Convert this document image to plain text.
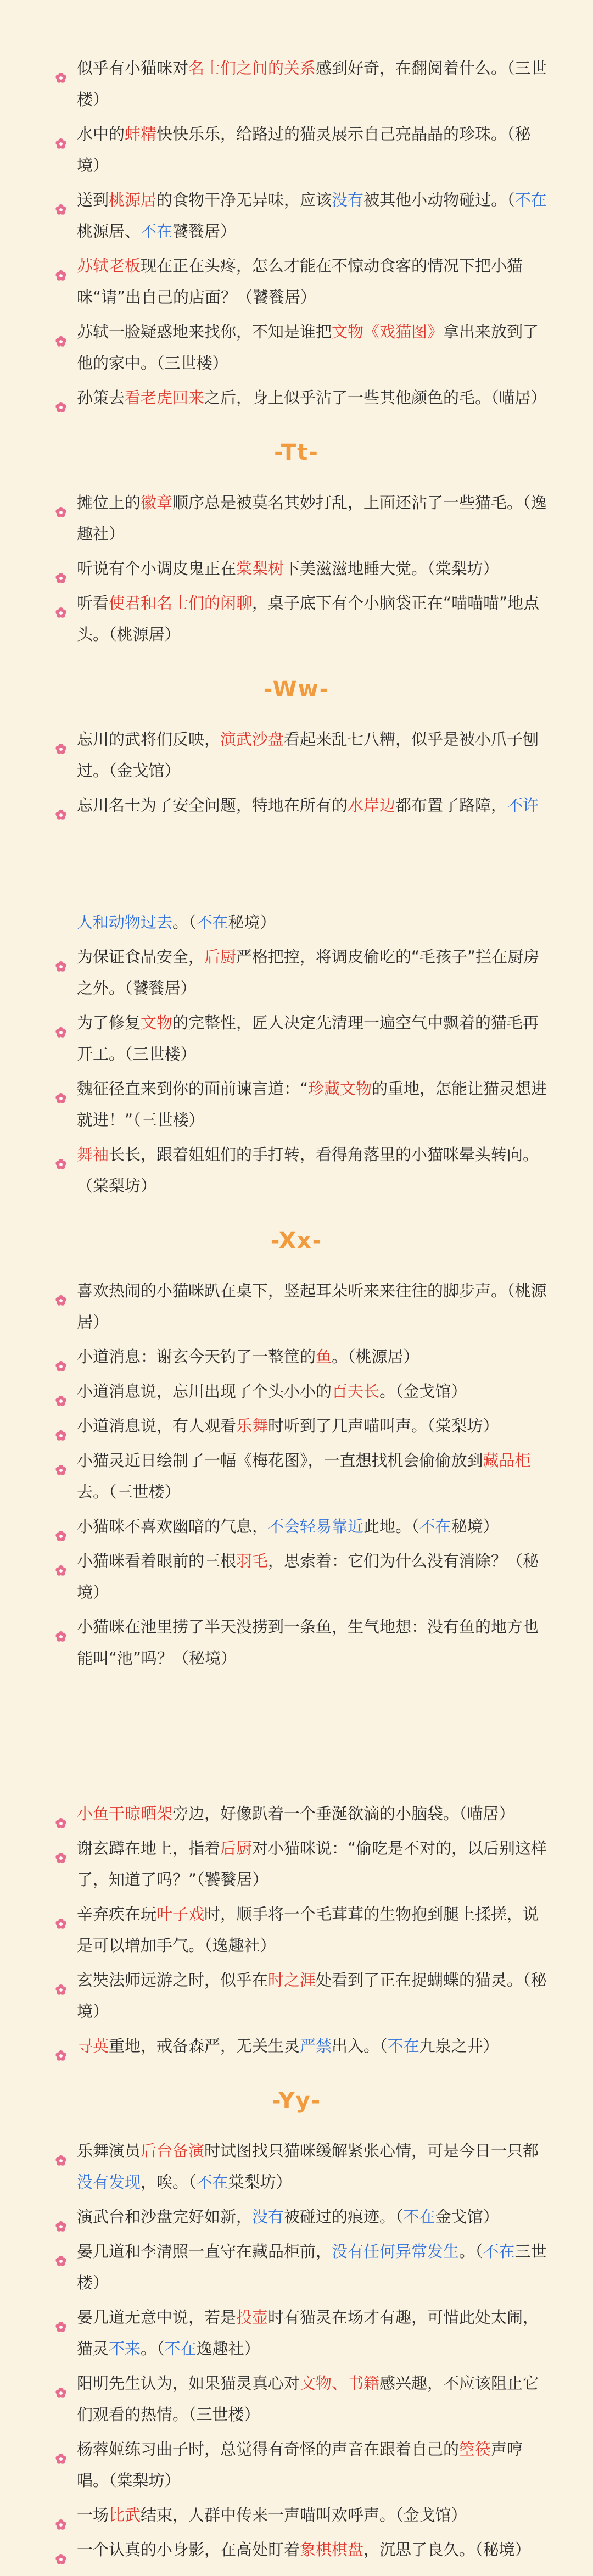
似乎有小猫咪对名士们之间的关系感到好奇，在翻阅着什么。（三世楼）
水中的蚌精快快乐乐，给路过的猫灵展示自己亮晶晶的珍珠。（秘境）
送到桃源居的食物干净无异味，应该没有被其他小动物碰过。（不在桃源居、不在饕餮居）
苏轼老板现在正在头疼，怎么才能在不惊动食客的情况下把小猫咪“请”出自己的店面？（饕餮居）
苏轼一脸疑惑地来找你，不知是谁把文物《戏猫图》拿出来放到了他的家中。（三世楼）
孙策去看老虎回来之后，身上似乎沾了一些其他颜色的毛。（喵居）
-Tt-
摊位上的徽章顺序总是被莫名其妙打乱，上面还沾了一些猫毛。（逸趣社）
听说有个小调皮鬼正在棠梨树下美滋滋地睡大觉。（棠梨坊）
听看使君和名士们的闲聊，桌子底下有个小脑袋正在“喵喵喵”地点头。（桃源居）
-Ww-
忘川的武将们反映，演武沙盘看起来乱七八糟，似乎是被小爪子刨过。（金戈馆）
忘川名士为了安全问题，特地在所有的水岸边都布置了路障，不许
人和动物过去。（不在秘境）
为保证食品安全，后厨严格把控，将调皮偷吃的“毛孩子”拦在厨房之外。（饕餮居）
为了修复文物的完整性，匠人决定先清理一遍空气中飘着的猫毛再开工。（三世楼）
魏征径直来到你的面前谏言道：“珍藏文物的重地，怎能让猫灵想进就进！”（三世楼）
舞袖长长，跟着姐姐们的手打转，看得角落里的小猫咪晕头转向。（棠梨坊）
-Xx-
喜欢热闹的小猫咪趴在桌下，竖起耳朵听来来往往的脚步声。（桃源居）
小道消息：谢玄今天钓了一整筐的鱼。（桃源居）
小道消息说，忘川出现了个头小小的百夫长。（金戈馆）
小道消息说，有人观看乐舞时听到了几声喵叫声。（棠梨坊）
小猫灵近日绘制了一幅《梅花图》，一直想找机会偷偷放到藏品柜去。（三世楼）
小猫咪不喜欢幽暗的气息，不会轻易靠近此地。（不在秘境）
小猫咪看着眼前的三根羽毛，思索着：它们为什么没有消除？（秘境）
小猫咪在池里捞了半天没捞到一条鱼，生气地想：没有鱼的地方也能叫“池”吗？（秘境）
小鱼干晾晒架旁边，好像趴着一个垂涎欲滴的小脑袋。（喵居）
谢玄蹲在地上，指着后厨对小猫咪说：“偷吃是不对的，以后别这样了，知道了吗？”（饕餮居）
辛弃疾在玩叶子戏时，顺手将一个毛茸茸的生物抱到腿上揉搓，说是可以增加手气。（逸趣社）
玄奘法师远游之时，似乎在时之涯处看到了正在捉蝴蝶的猫灵。（秘境）
寻英重地，戒备森严，无关生灵严禁出入。（不在九泉之井）
-Yy-
乐舞演员后台备演时试图找只猫咪缓解紧张心情，可是今日一只都没有发现，唉。（不在棠梨坊）
演武台和沙盘完好如新，没有被碰过的痕迹。（不在金戈馆）
晏几道和李清照一直守在藏品柜前，没有任何异常发生。（不在三世楼）
晏几道无意中说，若是投壶时有猫灵在场才有趣，可惜此处太闹，猫灵不来。（不在逸趣社）
阳明先生认为，如果猫灵真心对文物、书籍感兴趣，不应该阻止它们观看的热情。（三世楼）
杨蓉姬练习曲子时，总觉得有奇怪的声音在跟着自己的箜篌声哼唱。（棠梨坊）
一场比武结束，人群中传来一声喵叫欢呼声。（金戈馆）
一个认真的小身影，在高处盯着象棋棋盘，沉思了良久。（秘境）
